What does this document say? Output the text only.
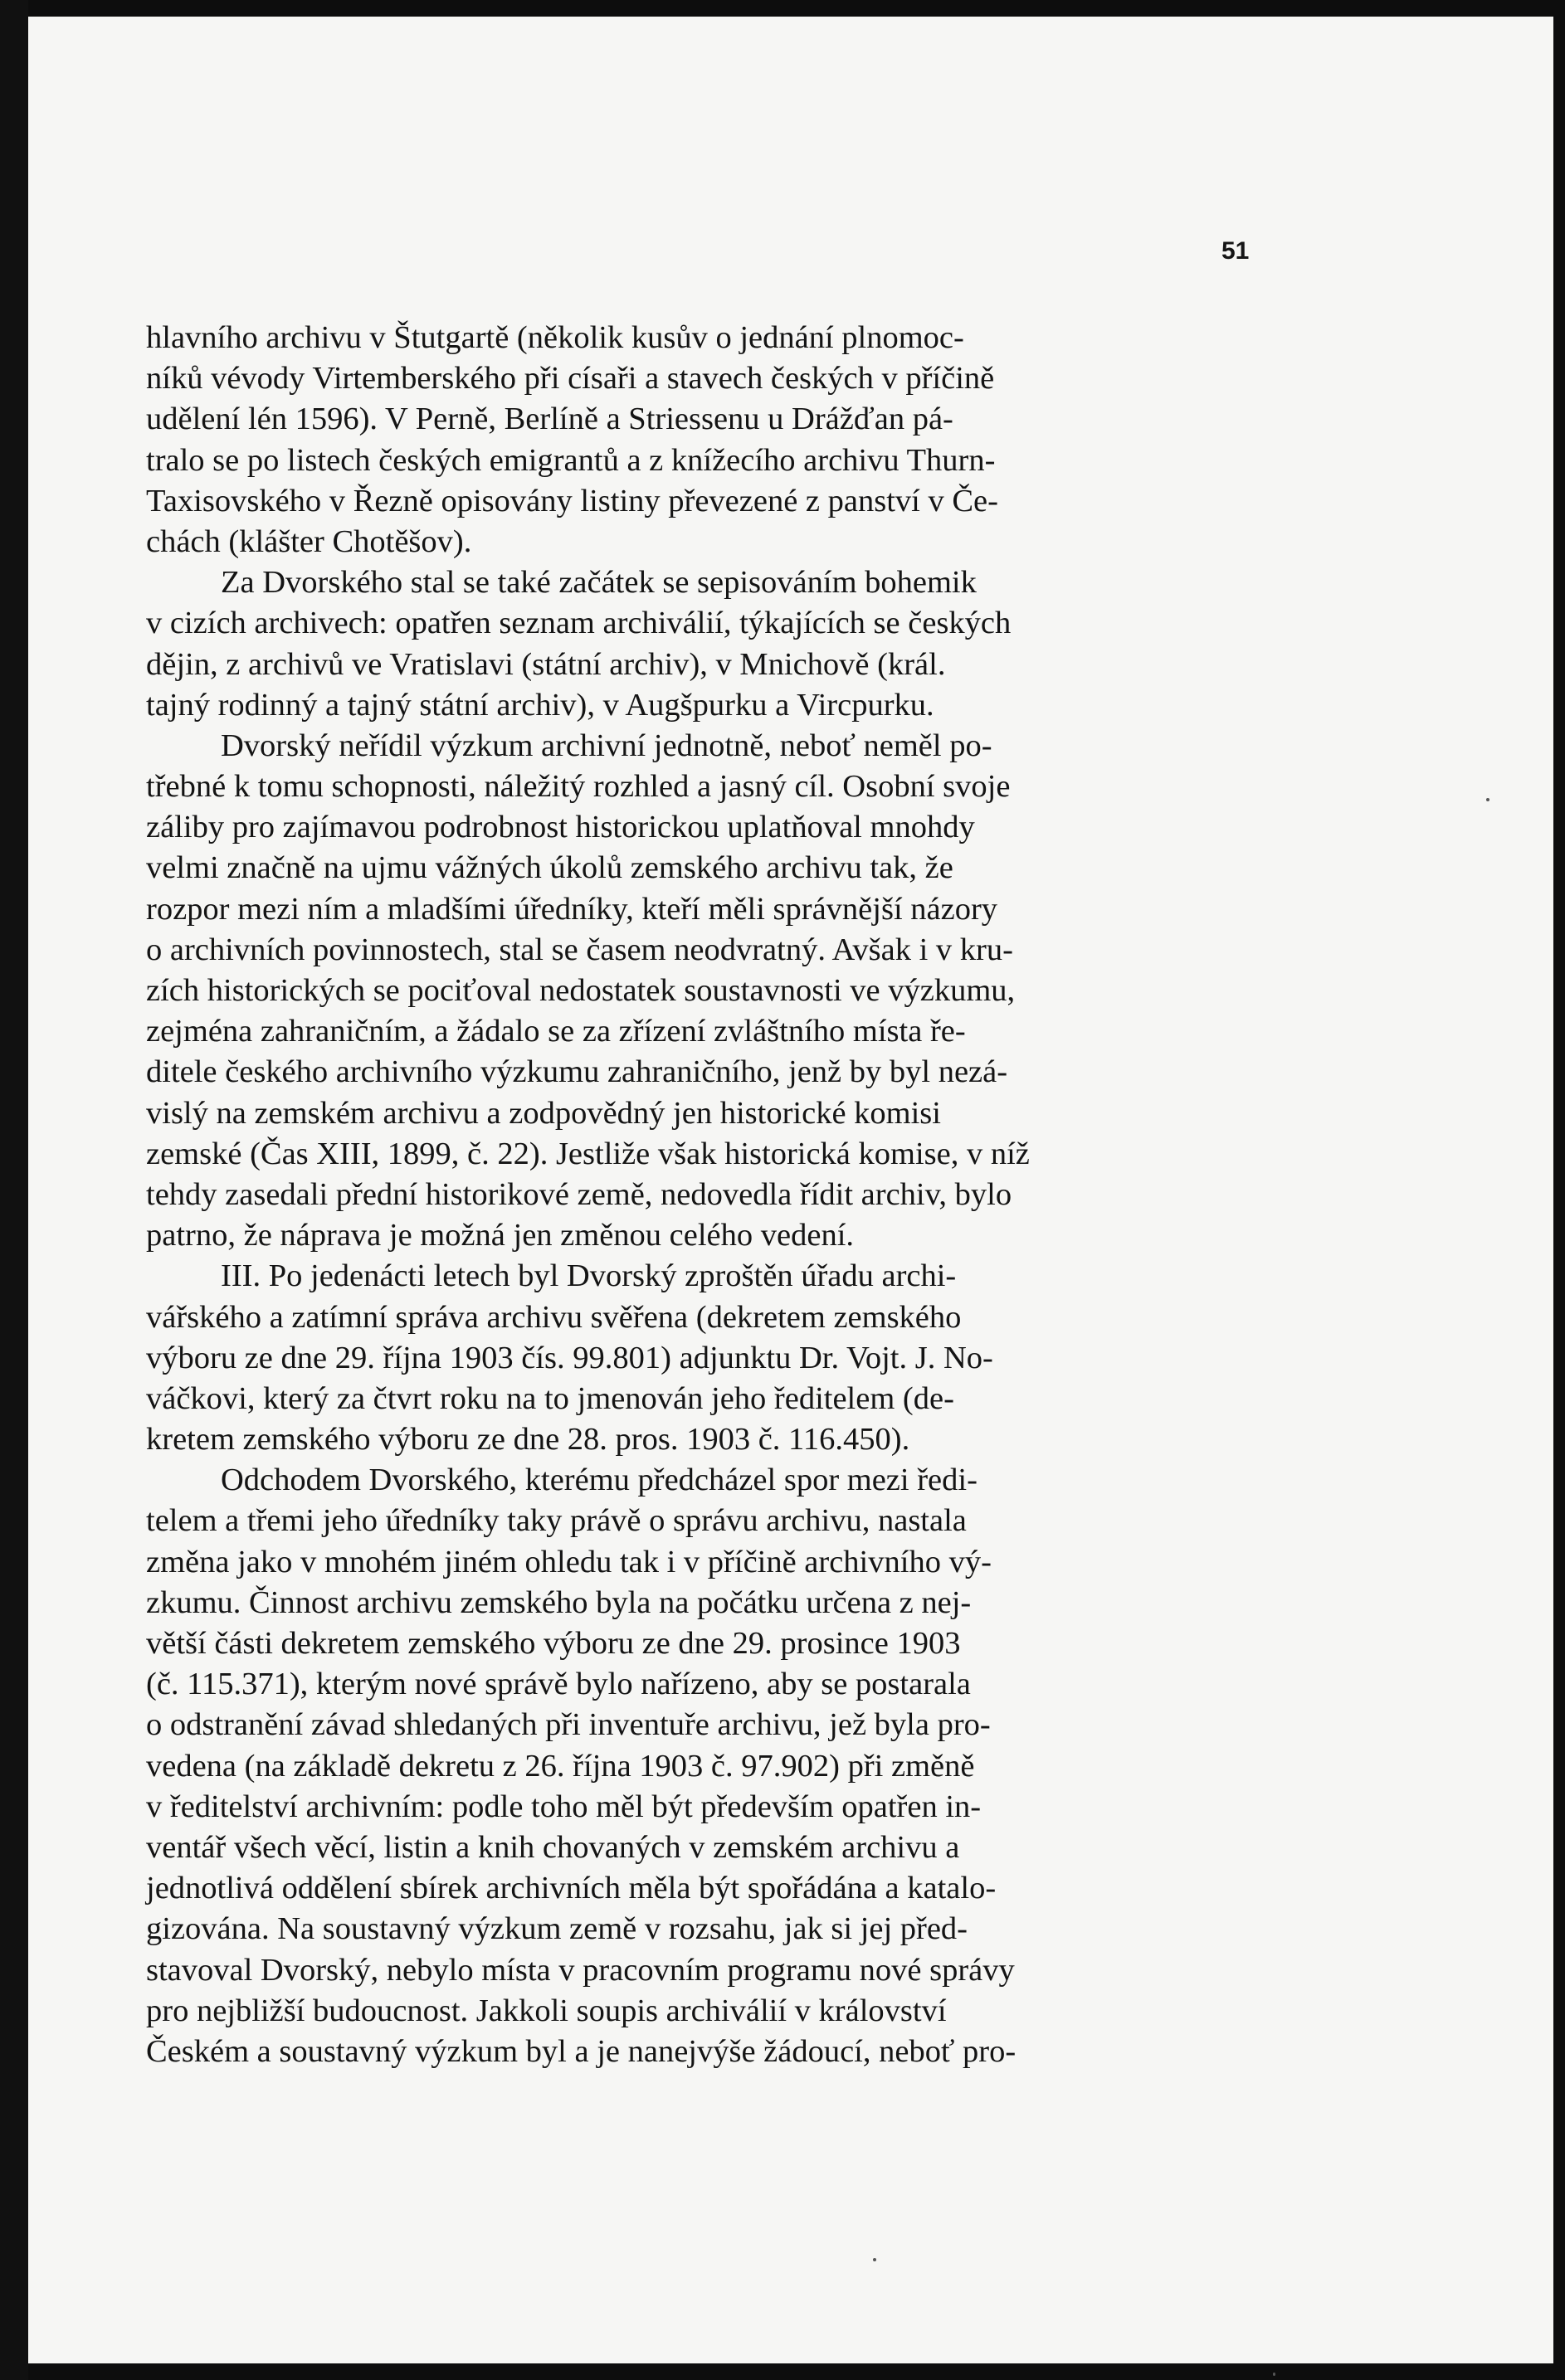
51

hlavního archivu v Štutgartě (několik kusův o jednání plnomoc-
níků vévody Virtemberského při císaři a stavech českých v příčině
udělení lén 1596). V Perně, Berlíně a Striessenu u Drážďan pá-
tralo se po listech českých emigrantů a z knížecího archivu Thurn-
Taxisovského v Řezně opisovány listiny převezené z panství v Če-
chách (klášter Chotěšov).
Za Dvorského stal se také začátek se sepisováním bohemik
v cizích archivech: opatřen seznam archiválií, týkajících se českých
dějin, z archivů ve Vratislavi (státní archiv), v Mnichově (král.
tajný rodinný a tajný státní archiv), v Augšpurku a Vircpurku.
Dvorský neřídil výzkum archivní jednotně, neboť neměl po-
třebné k tomu schopnosti, náležitý rozhled a jasný cíl. Osobní svoje
záliby pro zajímavou podrobnost historickou uplatňoval mnohdy
velmi značně na ujmu vážných úkolů zemského archivu tak, že
rozpor mezi ním a mladšími úředníky, kteří měli správnější názory
o archivních povinnostech, stal se časem neodvratný. Avšak i v kru-
zích historických se pociťoval nedostatek soustavnosti ve výzkumu,
zejména zahraničním, a žádalo se za zřízení zvláštního místa ře-
ditele českého archivního výzkumu zahraničního, jenž by byl nezá-
vislý na zemském archivu a zodpovědný jen historické komisi
zemské (Čas XIII, 1899, č. 22). Jestliže však historická komise, v níž
tehdy zasedali přední historikové země, nedovedla řídit archiv, bylo
patrno, že náprava je možná jen změnou celého vedení.
III. Po jedenácti letech byl Dvorský zproštěn úřadu archi-
vářského a zatímní správa archivu svěřena (dekretem zemského
výboru ze dne 29. října 1903 čís. 99.801) adjunktu Dr. Vojt. J. No-
váčkovi, který za čtvrt roku na to jmenován jeho ředitelem (de-
kretem zemského výboru ze dne 28. pros. 1903 č. 116.450).
Odchodem Dvorského, kterému předcházel spor mezi ředi-
telem a třemi jeho úředníky taky právě o správu archivu, nastala
změna jako v mnohém jiném ohledu tak i v příčině archivního vý-
zkumu. Činnost archivu zemského byla na počátku určena z nej-
větší části dekretem zemského výboru ze dne 29. prosince 1903
(č. 115.371), kterým nové správě bylo nařízeno, aby se postarala
o odstranění závad shledaných při inventuře archivu, jež byla pro-
vedena (na základě dekretu z 26. října 1903 č. 97.902) při změně
v ředitelství archivním: podle toho měl být především opatřen in-
ventář všech věcí, listin a knih chovaných v zemském archivu a
jednotlivá oddělení sbírek archivních měla být spořádána a katalo-
gizována. Na soustavný výzkum země v rozsahu, jak si jej před-
stavoval Dvorský, nebylo místa v pracovním programu nové správy
pro nejbližší budoucnost. Jakkoli soupis archiválií v království
Českém a soustavný výzkum byl a je nanejvýše žádoucí, neboť pro-
